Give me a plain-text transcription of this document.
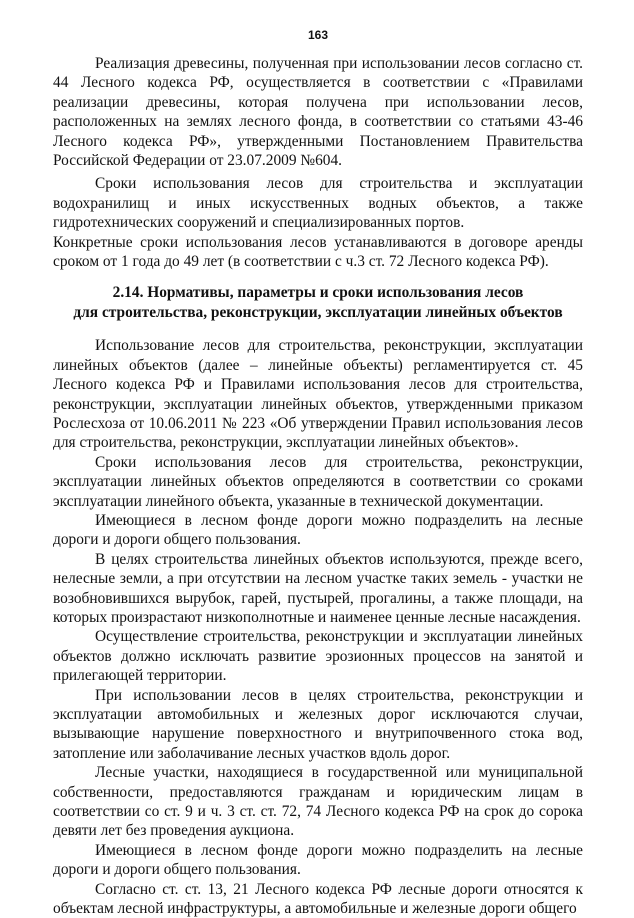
163

Реализация древесины, полученная при использовании лесов согласно ст. 44 Лесного кодекса РФ, осуществляется в соответствии с «Правилами реализации древесины, которая получена при использовании лесов, расположенных на землях лесного фонда, в соответствии со статьями 43-46 Лесного кодекса РФ», утвержденными Постановлением Правительства Российской Федерации от 23.07.2009 №604.

Сроки использования лесов для строительства и эксплуатации водохранилищ и иных искусственных водных объектов, а также гидротехнических сооружений и специализированных портов.

Конкретные сроки использования лесов устанавливаются в договоре аренды сроком от 1 года до 49 лет (в соответствии с ч.3 ст. 72 Лесного кодекса РФ).

2.14. Нормативы, параметры и сроки использования лесов
для строительства, реконструкции, эксплуатации линейных объектов

Использование лесов для строительства, реконструкции, эксплуатации линейных объектов (далее – линейные объекты) регламентируется ст. 45 Лесного кодекса РФ и Правилами использования лесов для строительства, реконструкции, эксплуатации линейных объектов, утвержденными приказом Рослесхоза от 10.06.2011 № 223 «Об утверждении Правил использования лесов для строительства, реконструкции, эксплуатации линейных объектов».

Сроки использования лесов для строительства, реконструкции, эксплуатации линейных объектов определяются в соответствии со сроками эксплуатации линейного объекта, указанные в технической документации.

Имеющиеся в лесном фонде дороги можно подразделить на лесные дороги и дороги общего пользования.

В целях строительства линейных объектов используются, прежде всего, нелесные земли, а при отсутствии на лесном участке таких земель - участки не возобновившихся вырубок, гарей, пустырей, прогалины, а также площади, на которых произрастают низкополнотные и наименее ценные лесные насаждения.

Осуществление строительства, реконструкции и эксплуатации линейных объектов должно исключать развитие эрозионных процессов на занятой и прилегающей территории.

При использовании лесов в целях строительства, реконструкции и эксплуатации автомобильных и железных дорог исключаются случаи, вызывающие нарушение поверхностного и внутрипочвенного стока вод, затопление или заболачивание лесных участков вдоль дорог.

Лесные участки, находящиеся в государственной или муниципальной собственности, предоставляются гражданам и юридическим лицам в соответствии со ст. 9 и ч. 3 ст. ст. 72, 74 Лесного кодекса РФ на срок до сорока девяти лет без проведения аукциона.

Имеющиеся в лесном фонде дороги можно подразделить на лесные дороги и дороги общего пользования.

Согласно ст. ст. 13, 21 Лесного кодекса РФ лесные дороги относятся к объектам лесной инфраструктуры, а автомобильные и железные дороги общего
